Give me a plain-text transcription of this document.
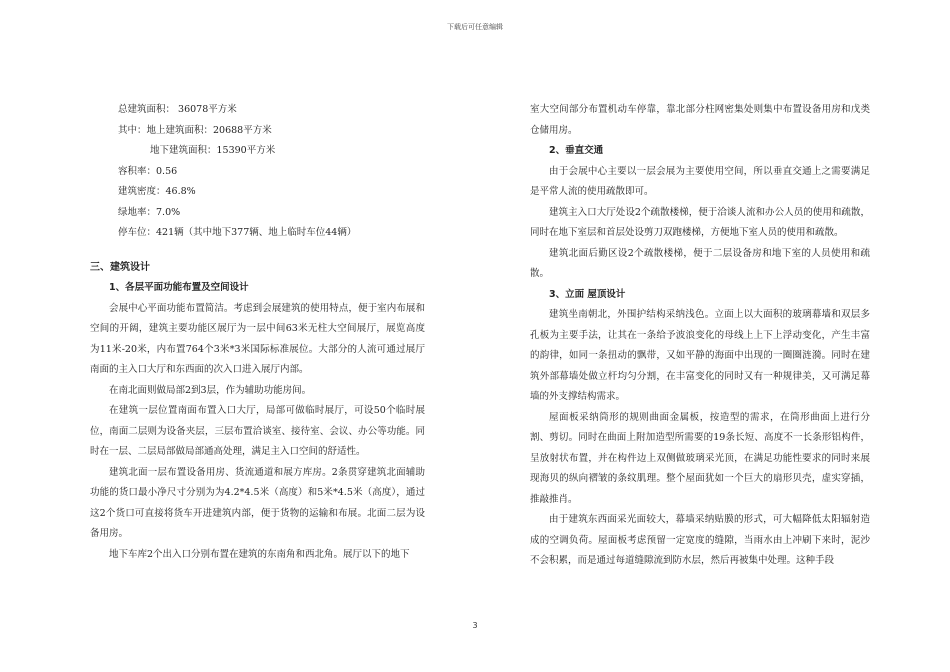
下载后可任意编辑

总建筑面积： 36078平方米

其中：地上建筑面积：20688平方米

地下建筑面积：15390平方米

容积率：0.56

建筑密度：46.8%

绿地率：7.0%

停车位：421辆（其中地下377辆、地上临时车位44辆）

三、建筑设计
1、各层平面功能布置及空间设计

会展中心平面功能布置简洁。考虑到会展建筑的使用特点，便于室内布展和空间的开阔，建筑主要功能区展厅为一层中间63米无柱大空间展厅，展览高度为11米-20米，内布置764个3米*3米国际标准展位。大部分的人流可通过展厅南面的主入口大厅和东西面的次入口进入展厅内部。

在南北面则做局部2到3层，作为辅助功能房间。

在建筑一层位置南面布置入口大厅，局部可做临时展厅，可设50个临时展位，南面二层则为设备夹层，三层布置洽谈室、接待室、会议、办公等功能。同时在一层、二层局部做局部通高处理，满足主入口空间的舒适性。

建筑北面一层布置设备用房、货流通道和展方库房。2条贯穿建筑北面辅助功能的货口最小净尺寸分别为为4.2*4.5米（高度）和5米*4.5米（高度），通过这2个货口可直接将货车开进建筑内部，便于货物的运输和布展。北面二层为设备用房。

地下车库2个出入口分别布置在建筑的东南角和西北角。展厅以下的地下

室大空间部分布置机动车停靠，靠北部分柱网密集处则集中布置设备用房和戊类仓储用房。

2、垂直交通

由于会展中心主要以一层会展为主要使用空间，所以垂直交通上之需要满足是平常人流的使用疏散即可。

建筑主入口大厅处设2个疏散楼梯，便于洽谈人流和办公人员的使用和疏散，同时在地下室层和首层处设剪刀双跑楼梯，方便地下室人员的使用和疏散。

建筑北面后勤区设2个疏散楼梯，便于二层设备房和地下室的人员使用和疏散。

3、立面 屋顶设计

建筑坐南朝北，外围护结构采纳浅色。立面上以大面积的玻璃幕墙和双层多孔板为主要手法，让其在一条给予波浪变化的母线上上下上浮动变化，产生丰富的韵律，如同一条扭动的飘带，又如平静的海面中出现的一圈圈涟漪。同时在建筑外部幕墙处做立杆均匀分割，在丰富变化的同时又有一种规律美，又可满足幕墙的外支撑结构需求。

屋面板采纳筒形的规则曲面金属板，按造型的需求，在筒形曲面上进行分割、剪切。同时在曲面上附加造型所需要的19条长短、高度不一长条形铝构件，呈放射状布置，并在构件边上双侧做玻璃采光顶，在满足功能性要求的同时来展现海贝的纵向褶皱的条纹肌理。整个屋面犹如一个巨大的扇形贝壳，虚实穿插，推敲推肖。

由于建筑东西面采光面较大，幕墙采纳贴膜的形式，可大幅降低太阳辐射造成的空调负荷。屋面板考虑预留一定宽度的缝隙，当雨水由上冲刷下来时，泥沙不会积累，而是通过每道缝隙流到防水层，然后再被集中处理。这种手段

3
